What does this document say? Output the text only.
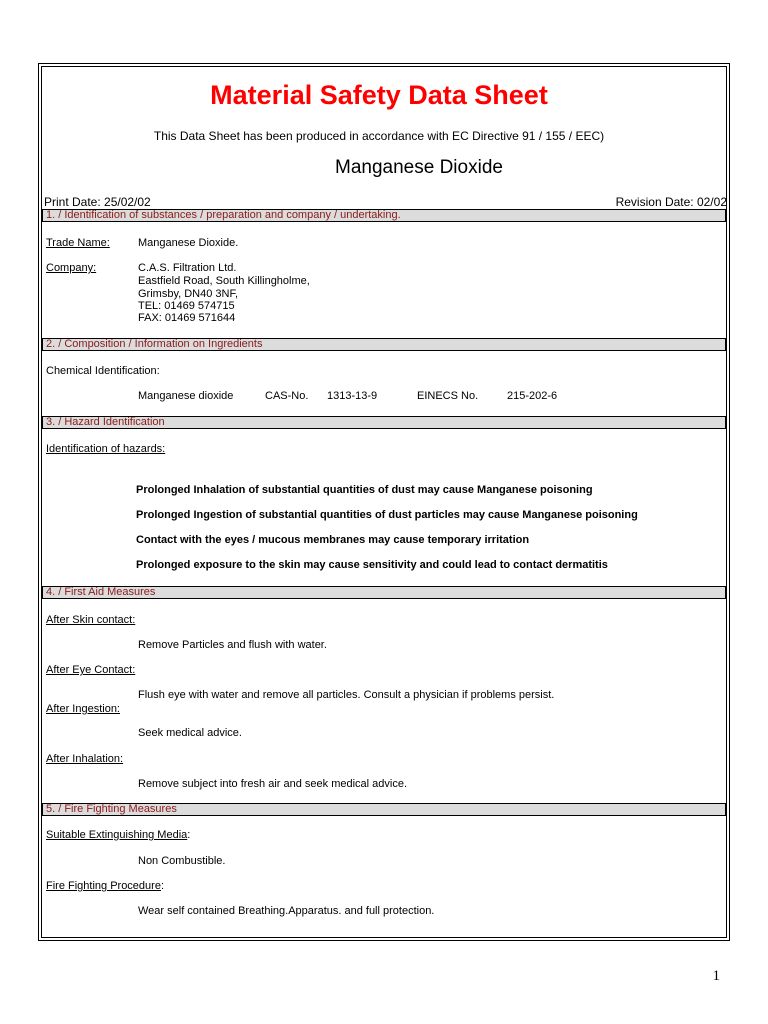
Material Safety Data Sheet
This Data Sheet has been produced in accordance with EC Directive 91 / 155 / EEC)
Manganese Dioxide
Print Date: 25/02/02	Revision Date: 02/02
1. / Identification of substances / preparation and company / undertaking.
Trade Name:	Manganese Dioxide.
Company:	C.A.S. Filtration Ltd.
Eastfield Road, South Killingholme,
Grimsby, DN40 3NF,
TEL: 01469 574715
FAX: 01469 571644
2. / Composition / Information on Ingredients
Chemical Identification:
Manganese dioxide	CAS-No. 1313-13-9	EINECS No.	215-202-6
3. / Hazard Identification
Identification of hazards:
Prolonged Inhalation of substantial quantities of dust may cause Manganese poisoning
Prolonged Ingestion of substantial quantities of dust particles may cause Manganese poisoning
Contact with the eyes / mucous membranes may cause temporary irritation
Prolonged exposure to the skin may cause sensitivity and could lead to contact dermatitis
4. / First Aid Measures
After Skin contact:
Remove Particles and flush with water.
After Eye Contact:
Flush eye with water and remove all particles. Consult a physician if problems persist.
After Ingestion:
Seek medical advice.
After Inhalation:
Remove subject into fresh air and seek medical advice.
5. / Fire Fighting Measures
Suitable Extinguishing Media:
Non Combustible.
Fire Fighting Procedure:
Wear self contained Breathing.Apparatus. and full protection.
1
